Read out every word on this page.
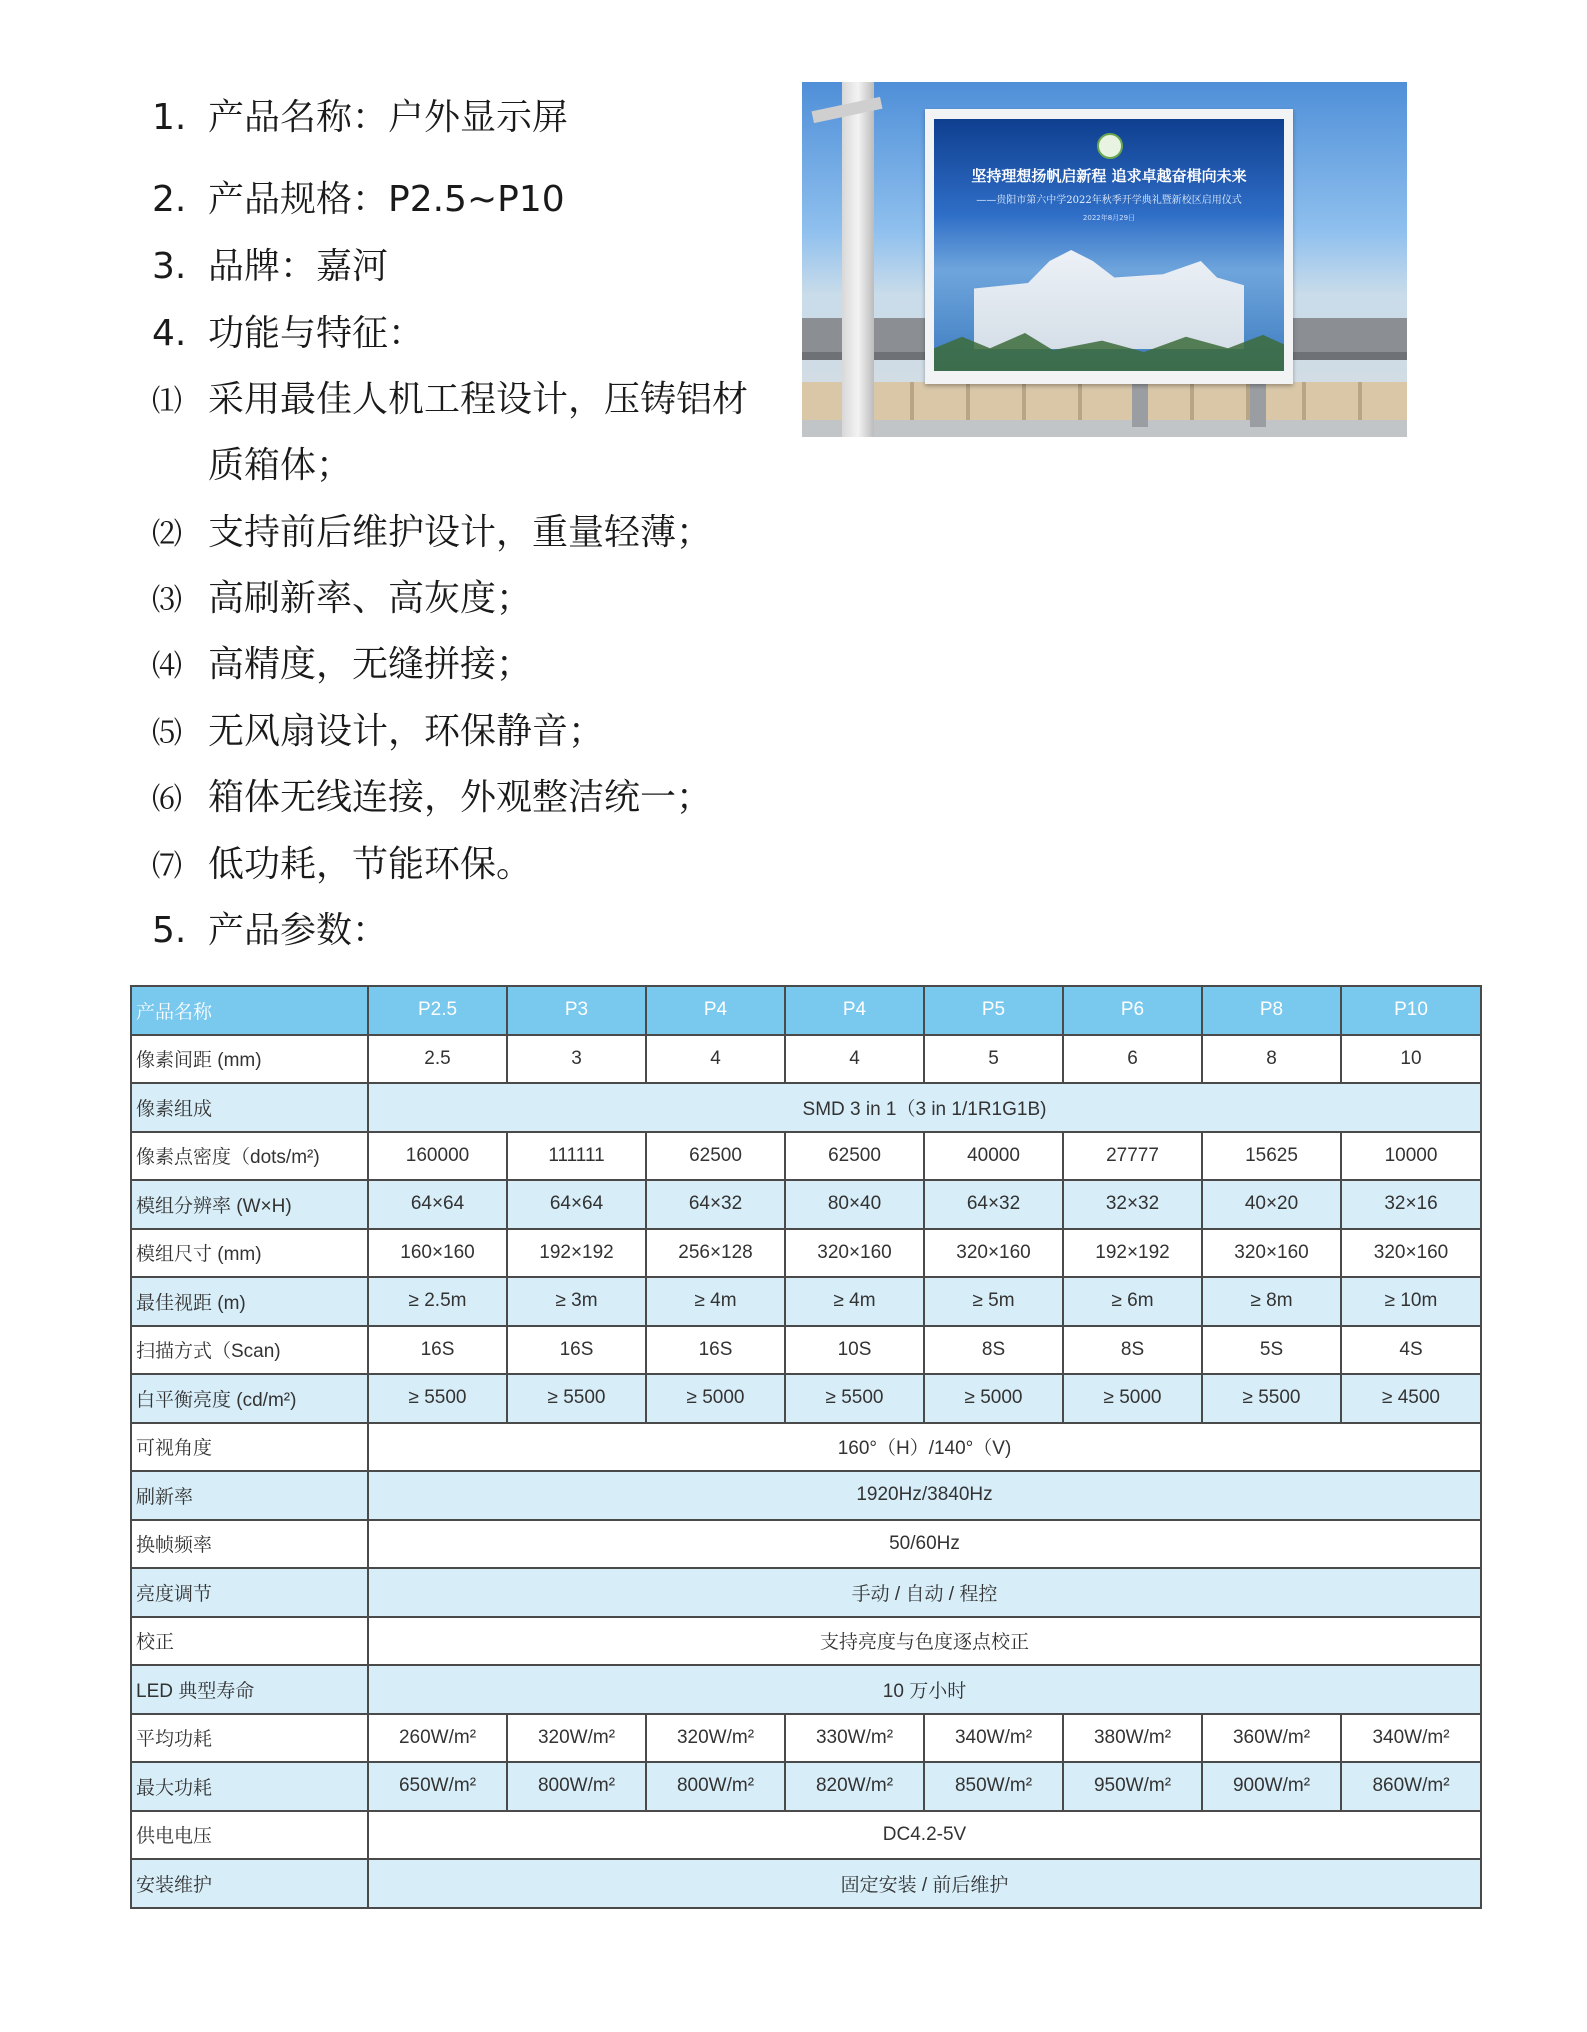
1. 产品名称：户外显示屏
2. 产品规格：P2.5~P10
3. 品牌：嘉河
4. 功能与特征：
⑴ 采用最佳人机工程设计，压铸铝材
质箱体；
⑵ 支持前后维护设计，重量轻薄；
⑶ 高刷新率、高灰度；
⑷ 高精度，无缝拼接；
⑸ 无风扇设计，环保静音；
⑹ 箱体无线连接，外观整洁统一；
⑺ 低功耗，节能环保。
5. 产品参数：
坚持理想扬帆启新程 追求卓越奋楫向未来
——贵阳市第六中学2022年秋季开学典礼暨新校区启用仪式
2022年8月29日
产品名称	P2.5	P3	P4	P4	P5	P6	P8	P10
像素间距 (mm)	2.5	3	4	4	5	6	8	10
像素组成	SMD 3 in 1（3 in 1/1R1G1B)							
像素点密度（dots/m²)	160000	111111	62500	62500	40000	27777	15625	10000
模组分辨率 (W×H)	64×64	64×64	64×32	80×40	64×32	32×32	40×20	32×16
模组尺寸 (mm)	160×160	192×192	256×128	320×160	320×160	192×192	320×160	320×160
最佳视距 (m)	≥ 2.5m	≥ 3m	≥ 4m	≥ 4m	≥ 5m	≥ 6m	≥ 8m	≥ 10m
扫描方式（Scan)	16S	16S	16S	10S	8S	8S	5S	4S
白平衡亮度 (cd/m²)	≥ 5500	≥ 5500	≥ 5000	≥ 5500	≥ 5000	≥ 5000	≥ 5500	≥ 4500
可视角度	160°（H）/140°（V)							
刷新率	1920Hz/3840Hz							
换帧频率	50/60Hz							
亮度调节	手动 / 自动 / 程控							
校正	支持亮度与色度逐点校正							
LED 典型寿命	10 万小时							
平均功耗	260W/m²	320W/m²	320W/m²	330W/m²	340W/m²	380W/m²	360W/m²	340W/m²
最大功耗	650W/m²	800W/m²	800W/m²	820W/m²	850W/m²	950W/m²	900W/m²	860W/m²
供电电压	DC4.2-5V							
安装维护	固定安装 / 前后维护							
